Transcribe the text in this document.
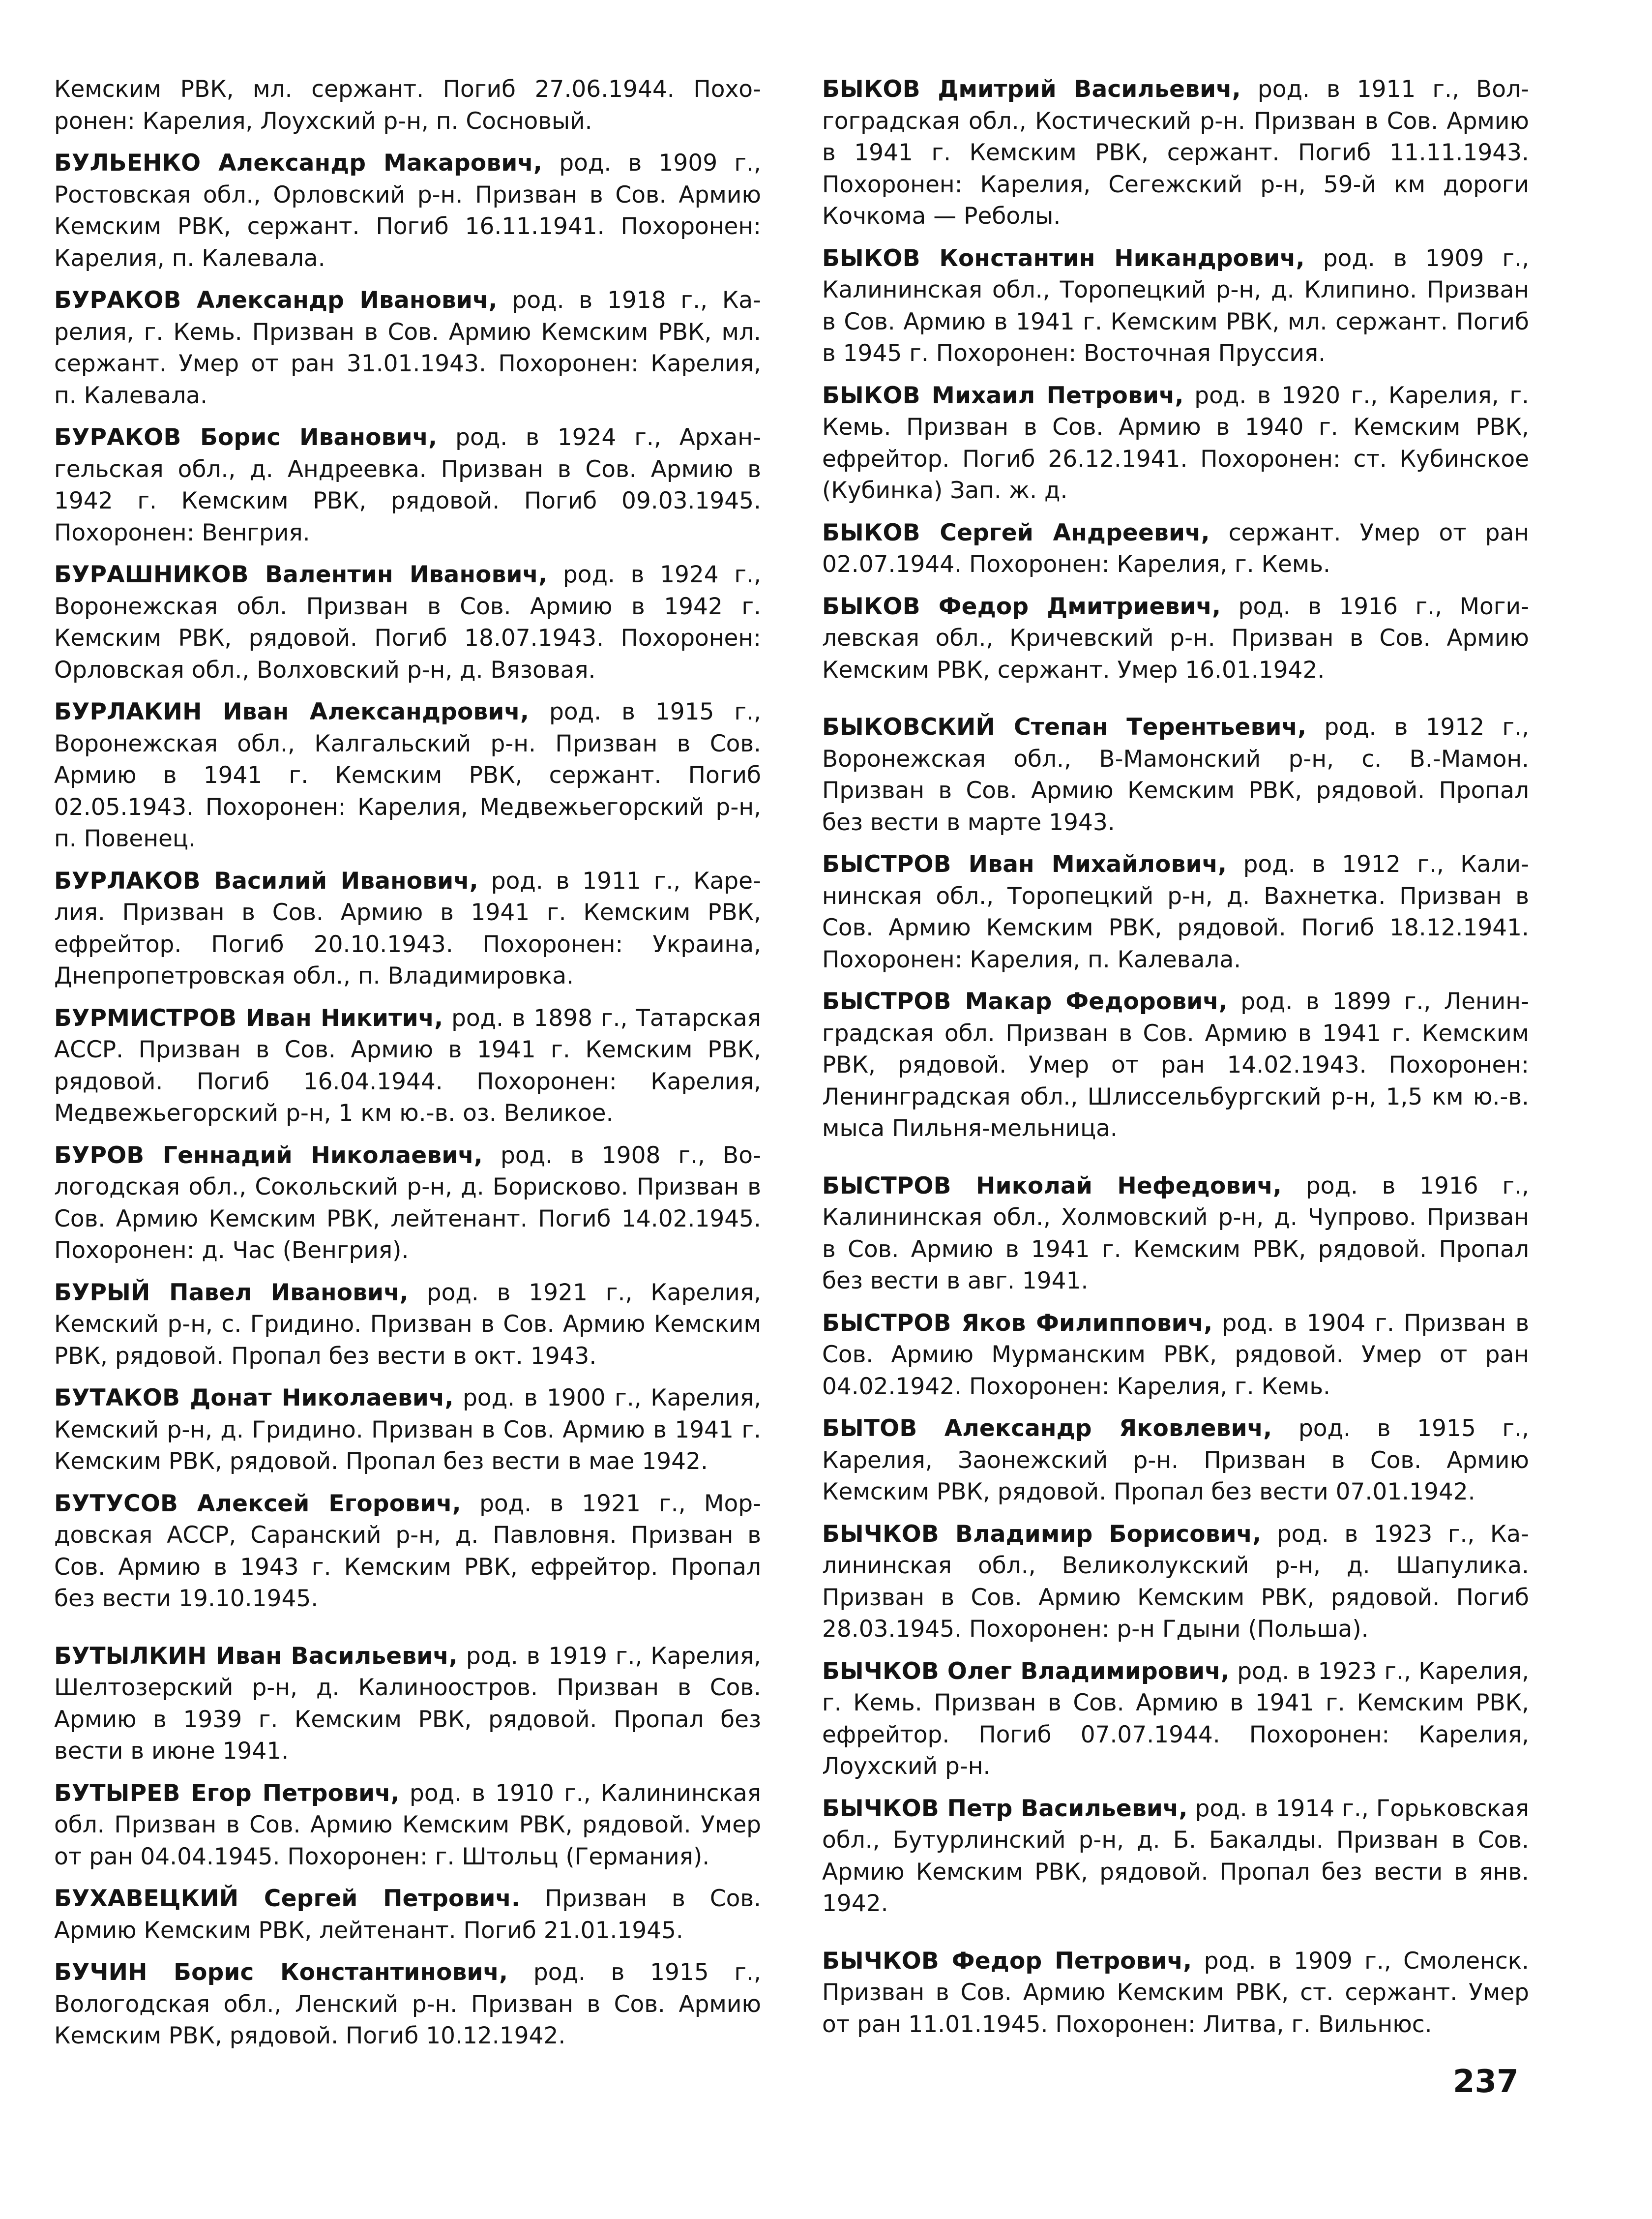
Кемским РВК, мл. сержант. Погиб 27.06.1944. Похоронен: Карелия, Лоухский р-н, п. Сосновый.

БУЛЬЕНКО Александр Макарович, род. в 1909 г., Ростовская обл., Орловский р-н. Призван в Сов. Армию Кемским РВК, сержант. Погиб 16.11.1941. Похоронен: Карелия, п. Калевала.

БУРАКОВ Александр Иванович, род. в 1918 г., Карелия, г. Кемь. Призван в Сов. Армию Кемским РВК, мл. сержант. Умер от ран 31.01.1943. Похоронен: Карелия, п. Калевала.

БУРАКОВ Борис Иванович, род. в 1924 г., Архангельская обл., д. Андреевка. Призван в Сов. Армию в 1942 г. Кемским РВК, рядовой. Погиб 09.03.1945. Похоронен: Венгрия.

БУРАШНИКОВ Валентин Иванович, род. в 1924 г., Воронежская обл. Призван в Сов. Армию в 1942 г. Кемским РВК, рядовой. Погиб 18.07.1943. Похоронен: Орловская обл., Волховский р-н, д. Вязовая.

БУРЛАКИН Иван Александрович, род. в 1915 г., Воронежская обл., Калгальский р-н. Призван в Сов. Армию в 1941 г. Кемским РВК, сержант. Погиб 02.05.1943. Похоронен: Карелия, Медвежьегорский р-н, п. Повенец.

БУРЛАКОВ Василий Иванович, род. в 1911 г., Карелия. Призван в Сов. Армию в 1941 г. Кемским РВК, ефрейтор. Погиб 20.10.1943. Похоронен: Украина, Днепропетровская обл., п. Владимировка.

БУРМИСТРОВ Иван Никитич, род. в 1898 г., Татарская АССР. Призван в Сов. Армию в 1941 г. Кемским РВК, рядовой. Погиб 16.04.1944. Похоронен: Карелия, Медвежьегорский р-н, 1 км ю.-в. оз. Великое.

БУРОВ Геннадий Николаевич, род. в 1908 г., Вологодская обл., Сокольский р-н, д. Борисково. Призван в Сов. Армию Кемским РВК, лейтенант. Погиб 14.02.1945. Похоронен: д. Час (Венгрия).

БУРЫЙ Павел Иванович, род. в 1921 г., Карелия, Кемский р-н, с. Гридино. Призван в Сов. Армию Кемским РВК, рядовой. Пропал без вести в окт. 1943.

БУТАКОВ Донат Николаевич, род. в 1900 г., Карелия, Кемский р-н, д. Гридино. Призван в Сов. Армию в 1941 г. Кемским РВК, рядовой. Пропал без вести в мае 1942.

БУТУСОВ Алексей Егорович, род. в 1921 г., Мордовская АССР, Саранский р-н, д. Павловня. Призван в Сов. Армию в 1943 г. Кемским РВК, ефрейтор. Пропал без вести 19.10.1945.

БУТЫЛКИН Иван Васильевич, род. в 1919 г., Карелия, Шелтозерский р-н, д. Калиноостров. Призван в Сов. Армию в 1939 г. Кемским РВК, рядовой. Пропал без вести в июне 1941.

БУТЫРЕВ Егор Петрович, род. в 1910 г., Калининская обл. Призван в Сов. Армию Кемским РВК, рядовой. Умер от ран 04.04.1945. Похоронен: г. Штольц (Германия).

БУХАВЕЦКИЙ Сергей Петрович. Призван в Сов. Армию Кемским РВК, лейтенант. Погиб 21.01.1945.

БУЧИН Борис Константинович, род. в 1915 г., Вологодская обл., Ленский р-н. Призван в Сов. Армию Кемским РВК, рядовой. Погиб 10.12.1942.

БЫКОВ Дмитрий Васильевич, род. в 1911 г., Волгоградская обл., Костический р-н. Призван в Сов. Армию в 1941 г. Кемским РВК, сержант. Погиб 11.11.1943. Похоронен: Карелия, Сегежский р-н, 59-й км дороги Кочкома — Реболы.

БЫКОВ Константин Никандрович, род. в 1909 г., Калининская обл., Торопецкий р-н, д. Клипино. Призван в Сов. Армию в 1941 г. Кемским РВК, мл. сержант. Погиб в 1945 г. Похоронен: Восточная Пруссия.

БЫКОВ Михаил Петрович, род. в 1920 г., Карелия, г. Кемь. Призван в Сов. Армию в 1940 г. Кемским РВК, ефрейтор. Погиб 26.12.1941. Похоронен: ст. Кубинское (Кубинка) Зап. ж. д.

БЫКОВ Сергей Андреевич, сержант. Умер от ран 02.07.1944. Похоронен: Карелия, г. Кемь.

БЫКОВ Федор Дмитриевич, род. в 1916 г., Могилевская обл., Кричевский р-н. Призван в Сов. Армию Кемским РВК, сержант. Умер 16.01.1942.

БЫКОВСКИЙ Степан Терентьевич, род. в 1912 г., Воронежская обл., В-Мамонский р-н, с. В.-Мамон. Призван в Сов. Армию Кемским РВК, рядовой. Пропал без вести в марте 1943.

БЫСТРОВ Иван Михайлович, род. в 1912 г., Калининская обл., Торопецкий р-н, д. Вахнетка. Призван в Сов. Армию Кемским РВК, рядовой. Погиб 18.12.1941. Похоронен: Карелия, п. Калевала.

БЫСТРОВ Макар Федорович, род. в 1899 г., Ленинградская обл. Призван в Сов. Армию в 1941 г. Кемским РВК, рядовой. Умер от ран 14.02.1943. Похоронен: Ленинградская обл., Шлиссельбургский р-н, 1,5 км ю.-в. мыса Пильня-мельница.

БЫСТРОВ Николай Нефедович, род. в 1916 г., Калининская обл., Холмовский р-н, д. Чупрово. Призван в Сов. Армию в 1941 г. Кемским РВК, рядовой. Пропал без вести в авг. 1941.

БЫСТРОВ Яков Филиппович, род. в 1904 г. Призван в Сов. Армию Мурманским РВК, рядовой. Умер от ран 04.02.1942. Похоронен: Карелия, г. Кемь.

БЫТОВ Александр Яковлевич, род. в 1915 г., Карелия, Заонежский р-н. Призван в Сов. Армию Кемским РВК, рядовой. Пропал без вести 07.01.1942.

БЫЧКОВ Владимир Борисович, род. в 1923 г., Калининская обл., Великолукский р-н, д. Шапулика. Призван в Сов. Армию Кемским РВК, рядовой. Погиб 28.03.1945. Похоронен: р-н Гдыни (Польша).

БЫЧКОВ Олег Владимирович, род. в 1923 г., Карелия, г. Кемь. Призван в Сов. Армию в 1941 г. Кемским РВК, ефрейтор. Погиб 07.07.1944. Похоронен: Карелия, Лоухский р-н.

БЫЧКОВ Петр Васильевич, род. в 1914 г., Горьковская обл., Бутурлинский р-н, д. Б. Бакалды. Призван в Сов. Армию Кемским РВК, рядовой. Пропал без вести в янв. 1942.

БЫЧКОВ Федор Петрович, род. в 1909 г., Смоленск. Призван в Сов. Армию Кемским РВК, ст. сержант. Умер от ран 11.01.1945. Похоронен: Литва, г. Вильнюс.

237
